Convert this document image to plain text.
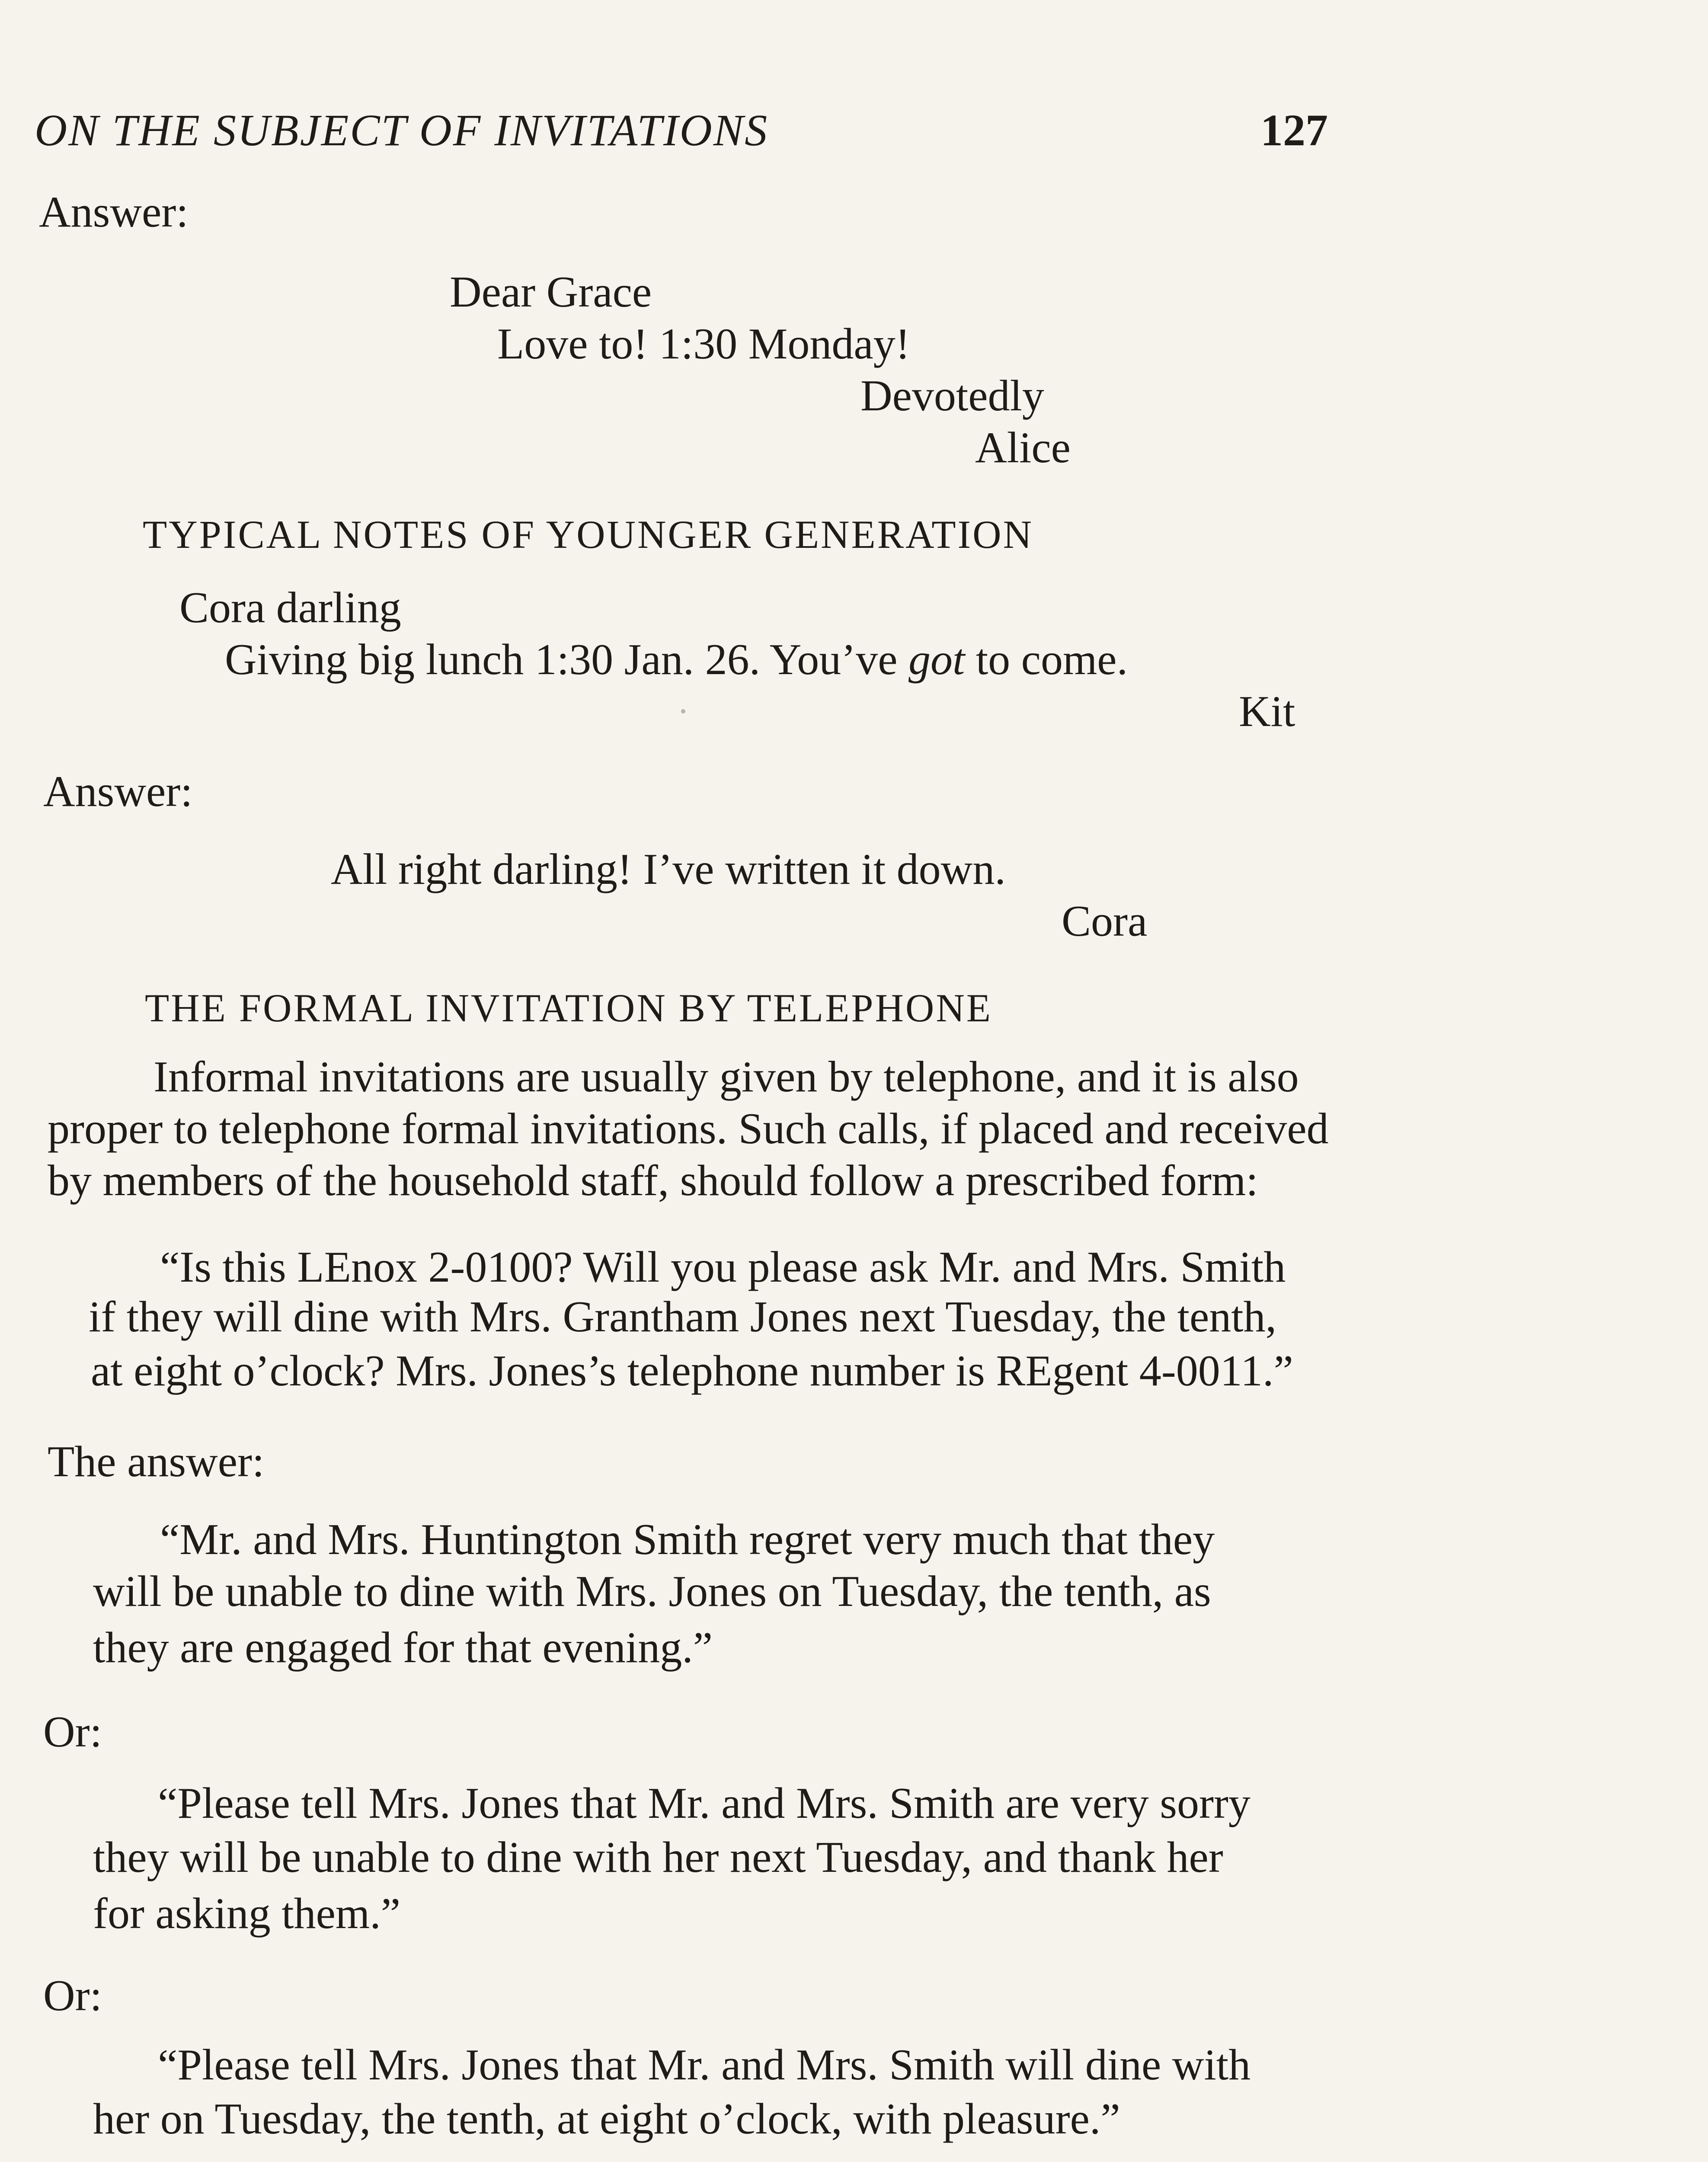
ON THE SUBJECT OF INVITATIONS	127
Answer:
Dear Grace
Love to! 1:30 Monday!
Devotedly
Alice
TYPICAL NOTES OF YOUNGER GENERATION
Cora darling
Giving big lunch 1:30 Jan. 26. You’ve got to come.
Kit
Answer:
All right darling! I’ve written it down.
Cora
THE FORMAL INVITATION BY TELEPHONE
Informal invitations are usually given by telephone, and it is also
proper to telephone formal invitations. Such calls, if placed and received
by members of the household staff, should follow a prescribed form:
“Is this LEnox 2-0100? Will you please ask Mr. and Mrs. Smith
if they will dine with Mrs. Grantham Jones next Tuesday, the tenth,
at eight o’clock? Mrs. Jones’s telephone number is REgent 4-0011.”
The answer:
“Mr. and Mrs. Huntington Smith regret very much that they
will be unable to dine with Mrs. Jones on Tuesday, the tenth, as
they are engaged for that evening.”
Or:
“Please tell Mrs. Jones that Mr. and Mrs. Smith are very sorry
they will be unable to dine with her next Tuesday, and thank her
for asking them.”
Or:
“Please tell Mrs. Jones that Mr. and Mrs. Smith will dine with
her on Tuesday, the tenth, at eight o’clock, with pleasure.”
